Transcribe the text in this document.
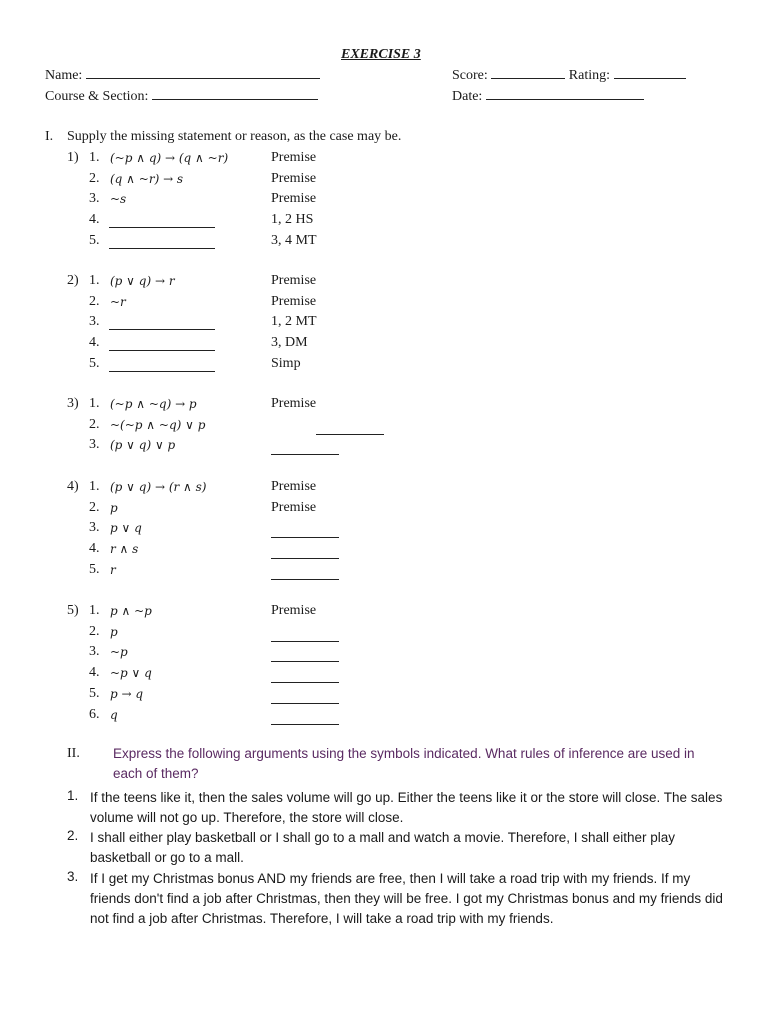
EXERCISE 3
Name:
Course & Section:
Score:	Rating:
Date:
I. Supply the missing statement or reason, as the case may be.
1) 1. (~p ∧ q) → (q ∧ ~r)	Premise
2. (q ∧ ~r) → s	Premise
3. ~s	Premise
4.	1, 2 HS
5.	3, 4 MT
2) 1. (p ∨ q) → r	Premise
2. ~r	Premise
3.	1, 2 MT
4.	3, DM
5.	Simp
3) 1. (~p ∧ ~q) → p	Premise
2. ~(~p ∧ ~q) ∨ p
3. (p ∨ q) ∨ p
4) 1. (p ∨ q) → (r ∧ s)	Premise
2. p	Premise
3. p ∨ q
4. r ∧ s
5. r
5) 1. p ∧ ~p	Premise
2. p
3. ~p
4. ~p ∨ q
5. p → q
6. q
II. Express the following arguments using the symbols indicated. What rules of inference are used in each of them?
1. If the teens like it, then the sales volume will go up. Either the teens like it or the store will close. The sales volume will not go up. Therefore, the store will close.
2. I shall either play basketball or I shall go to a mall and watch a movie. Therefore, I shall either play basketball or go to a mall.
3. If I get my Christmas bonus AND my friends are free, then I will take a road trip with my friends. If my friends don't find a job after Christmas, then they will be free. I got my Christmas bonus and my friends did not find a job after Christmas. Therefore, I will take a road trip with my friends.
